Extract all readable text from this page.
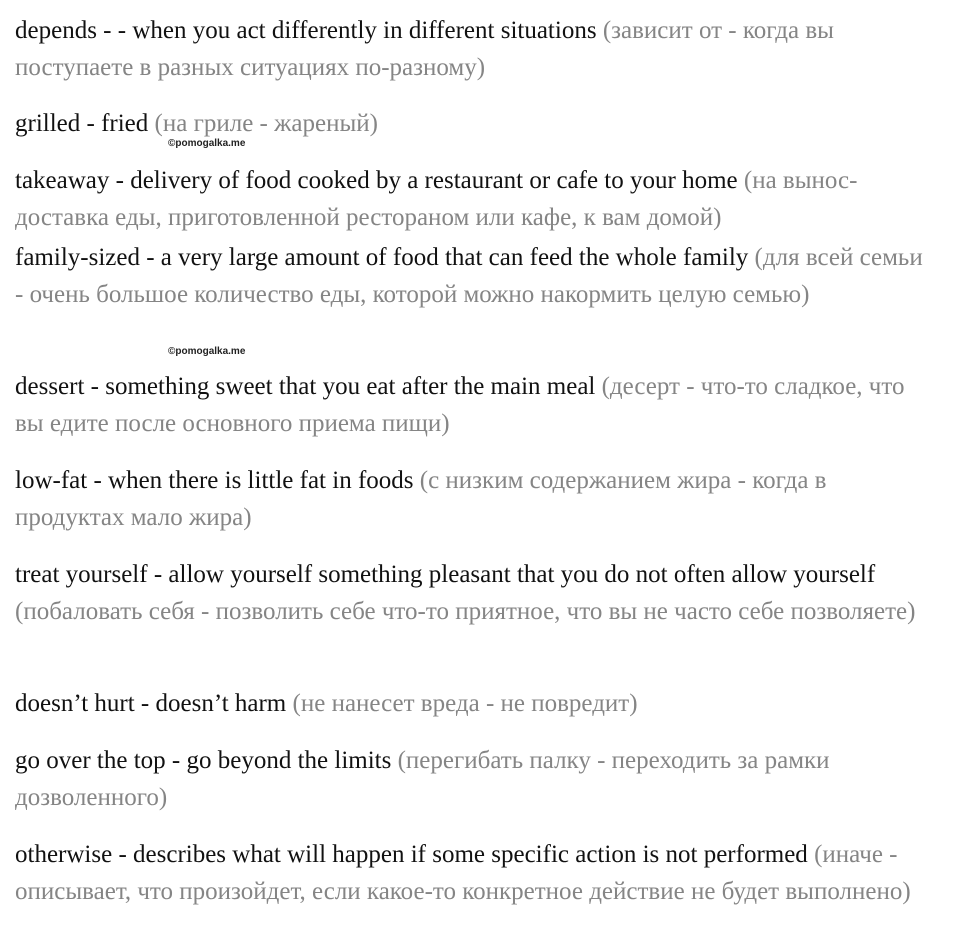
depends - - when you act differently in different situations (зависит от - когда вы поступаете в разных ситуациях по-разному)

grilled - fried (на гриле - жареный)

©pomogalka.me

takeaway - delivery of food cooked by a restaurant or cafe to your home (на вынос- доставка еды, приготовленной рестораном или кафе, к вам домой)

family-sized - a very large amount of food that can feed the whole family (для всей семьи - очень большое количество еды, которой можно накормить целую семью)

©pomogalka.me

dessert - something sweet that you eat after the main meal (десерт - что-то сладкое, что вы едите после основного приема пищи)

low-fat - when there is little fat in foods (с низким содержанием жира - когда в продуктах мало жира)

treat yourself - allow yourself something pleasant that you do not often allow yourself (побаловать себя - позволить себе что-то приятное, что вы не часто себе позволяете)

doesn’t hurt - doesn’t harm (не нанесет вреда - не повредит)

go over the top - go beyond the limits (перегибать палку - переходить за рамки дозволенного)

otherwise - describes what will happen if some specific action is not performed (иначе - описывает, что произойдет, если какое-то конкретное действие не будет выполнено)
